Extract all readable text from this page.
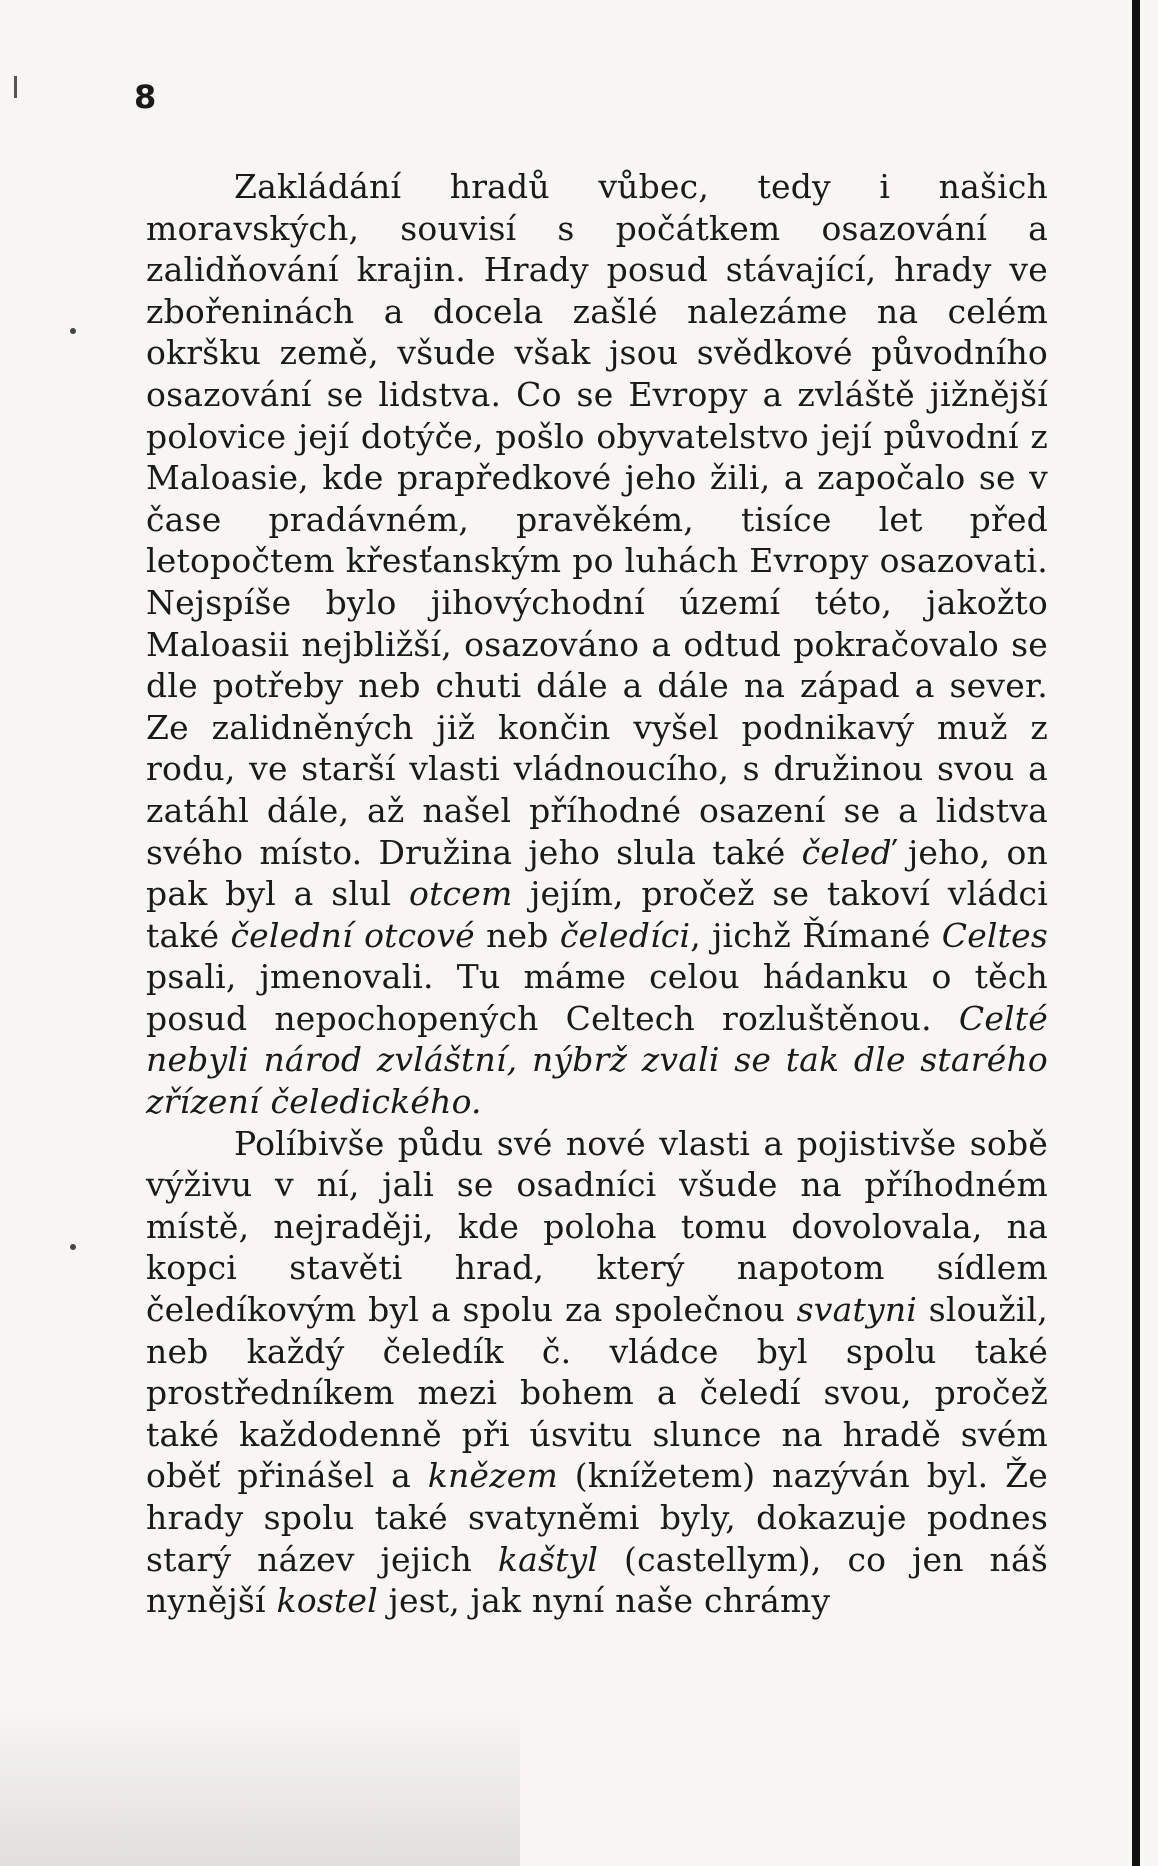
8

Zakládání hradů vůbec, tedy i našich moravských, souvisí s počátkem osazování a zalidňování krajin. Hrady posud stávající, hrady ve zbořeninách a docela zašlé nalezáme na celém okršku země, všude však jsou svědkové původního osazování se lidstva. Co se Evropy a zvláště jižnější polovice její dotýče, pošlo obyvatelstvo její původní z Maloasie, kde prapředkové jeho žili, a započalo se v čase pradávném, pravěkém, tisíce let před letopočtem křesťanským po luhách Evropy osazovati. Nejspíše bylo jihovýchodní území této, jakožto Maloasii nejbližší, osazováno a odtud pokračovalo se dle potřeby neb chuti dále a dále na západ a sever. Ze zalidněných již končin vyšel podnikavý muž z rodu, ve starší vlasti vládnoucího, s družinou svou a zatáhl dále, až našel příhodné osazení se a lidstva svého místo. Družina jeho slula také čeleď jeho, on pak byl a slul otcem jejím, pročež se takoví vládci také čelední otcové neb čeledíci, jichž Římané Celtes psali, jmenovali. Tu máme celou hádanku o těch posud nepochopených Celtech rozluštěnou. Celté nebyli národ zvláštní, nýbrž zvali se tak dle starého zřízení čeledického.

Políbivše půdu své nové vlasti a pojistivše sobě výživu v ní, jali se osadníci všude na příhodném místě, nejraději, kde poloha tomu dovolovala, na kopci stavěti hrad, který napotom sídlem čeledíkovým byl a spolu za společnou svatyni sloužil, neb každý čeledík č. vládce byl spolu také prostředníkem mezi bohem a čeledí svou, pročež také každodenně při úsvitu slunce na hradě svém oběť přinášel a knězem (knížetem) nazýván byl. Že hrady spolu také svatyněmi byly, dokazuje podnes starý název jejich kaštyl (castellym), co jen náš nynější kostel jest, jak nyní naše chrámy
